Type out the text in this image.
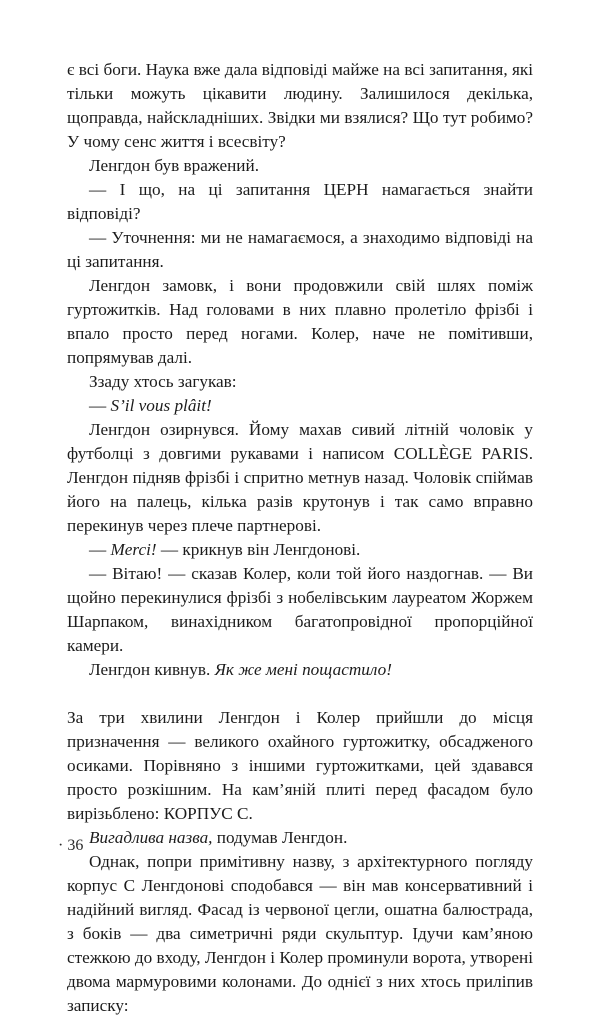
є всі боги. Наука вже дала відповіді майже на всі запитання, які тільки можуть цікавити людину. Залишилося декілька, щоправда, найскладніших. Звідки ми взялися? Що тут робимо? У чому сенс життя і всесвіту?

Ленгдон був вражений.

— І що, на ці запитання ЦЕРН намагається знайти відповіді?

— Уточнення: ми не намагаємося, а знаходимо відповіді на ці запитання.

Ленгдон замовк, і вони продовжили свій шлях поміж гуртожитків. Над головами в них плавно пролетіло фрізбі і впало просто перед ногами. Колер, наче не помітивши, попрямував далі.

Ззаду хтось загукав:

— S’il vous plâit!

Ленгдон озирнувся. Йому махав сивий літній чоловік у футболці з довгими рукавами і написом COLLÈGE PARIS. Ленгдон підняв фрізбі і спритно метнув назад. Чоловік спіймав його на палець, кілька разів крутонув і так само вправно перекинув через плече партнерові.

— Merci! — крикнув він Ленгдонові.

— Вітаю! — сказав Колер, коли той його наздогнав. — Ви щойно перекинулися фрізбі з нобелівським лауреатом Жоржем Шарпаком, винахідником багатопровідної пропорційної камери.

Ленгдон кивнув. Як же мені пощастило!

За три хвилини Ленгдон і Колер прийшли до місця призначення — великого охайного гуртожитку, обсадженого осиками. Порівняно з іншими гуртожитками, цей здавався просто розкішним. На кам’яній плиті перед фасадом було вирізьблено: КОРПУС С.

Вигадлива назва, подумав Ленгдон.

Однак, попри примітивну назву, з архітектурного погляду корпус С Ленгдонові сподобався — він мав консервативний і надійний вигляд. Фасад із червоної цегли, ошатна балюстрада, з боків — два симетричні ряди скульптур. Ідучи кам’яною стежкою до входу, Ленгдон і Колер проминули ворота, утворені двома мармуровими колонами. До однієї з них хтось приліпив записку:

· 36
